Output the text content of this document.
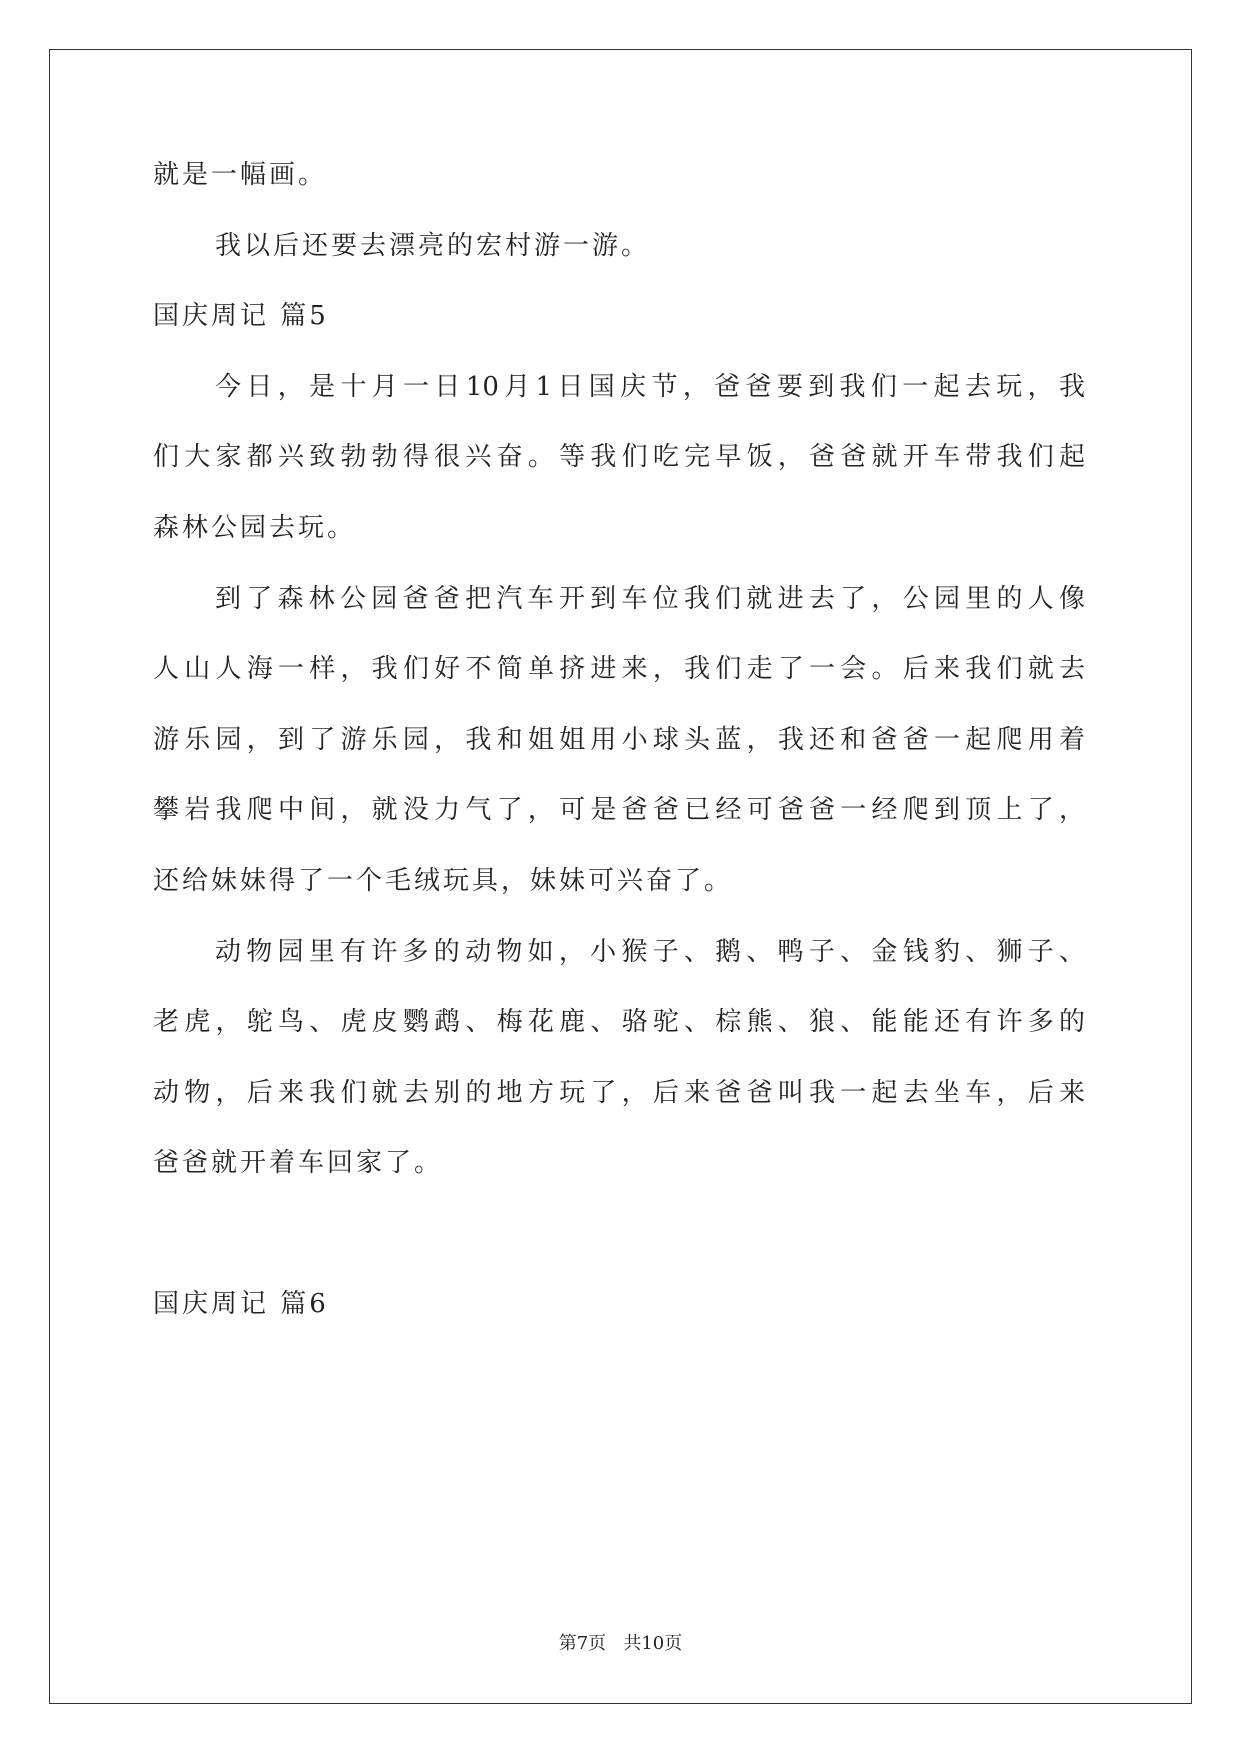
就是一幅画。

我以后还要去漂亮的宏村游一游。

国庆周记 篇5

今日，是十月一日10月1日国庆节，爸爸要到我们一起去玩，我

们大家都兴致勃勃得很兴奋。等我们吃完早饭，爸爸就开车带我们起

森林公园去玩。

到了森林公园爸爸把汽车开到车位我们就进去了，公园里的人像

人山人海一样，我们好不简单挤进来，我们走了一会。后来我们就去

游乐园，到了游乐园，我和姐姐用小球头蓝，我还和爸爸一起爬用着

攀岩我爬中间，就没力气了，可是爸爸已经可爸爸一经爬到顶上了，

还给妹妹得了一个毛绒玩具，妹妹可兴奋了。

动物园里有许多的动物如，小猴子、鹅、鸭子、金钱豹、狮子、

老虎，鸵鸟、虎皮鹦鹉、梅花鹿、骆驼、棕熊、狼、能能还有许多的

动物，后来我们就去别的地方玩了，后来爸爸叫我一起去坐车，后来

爸爸就开着车回家了。

国庆周记 篇6

第7页   共10页
